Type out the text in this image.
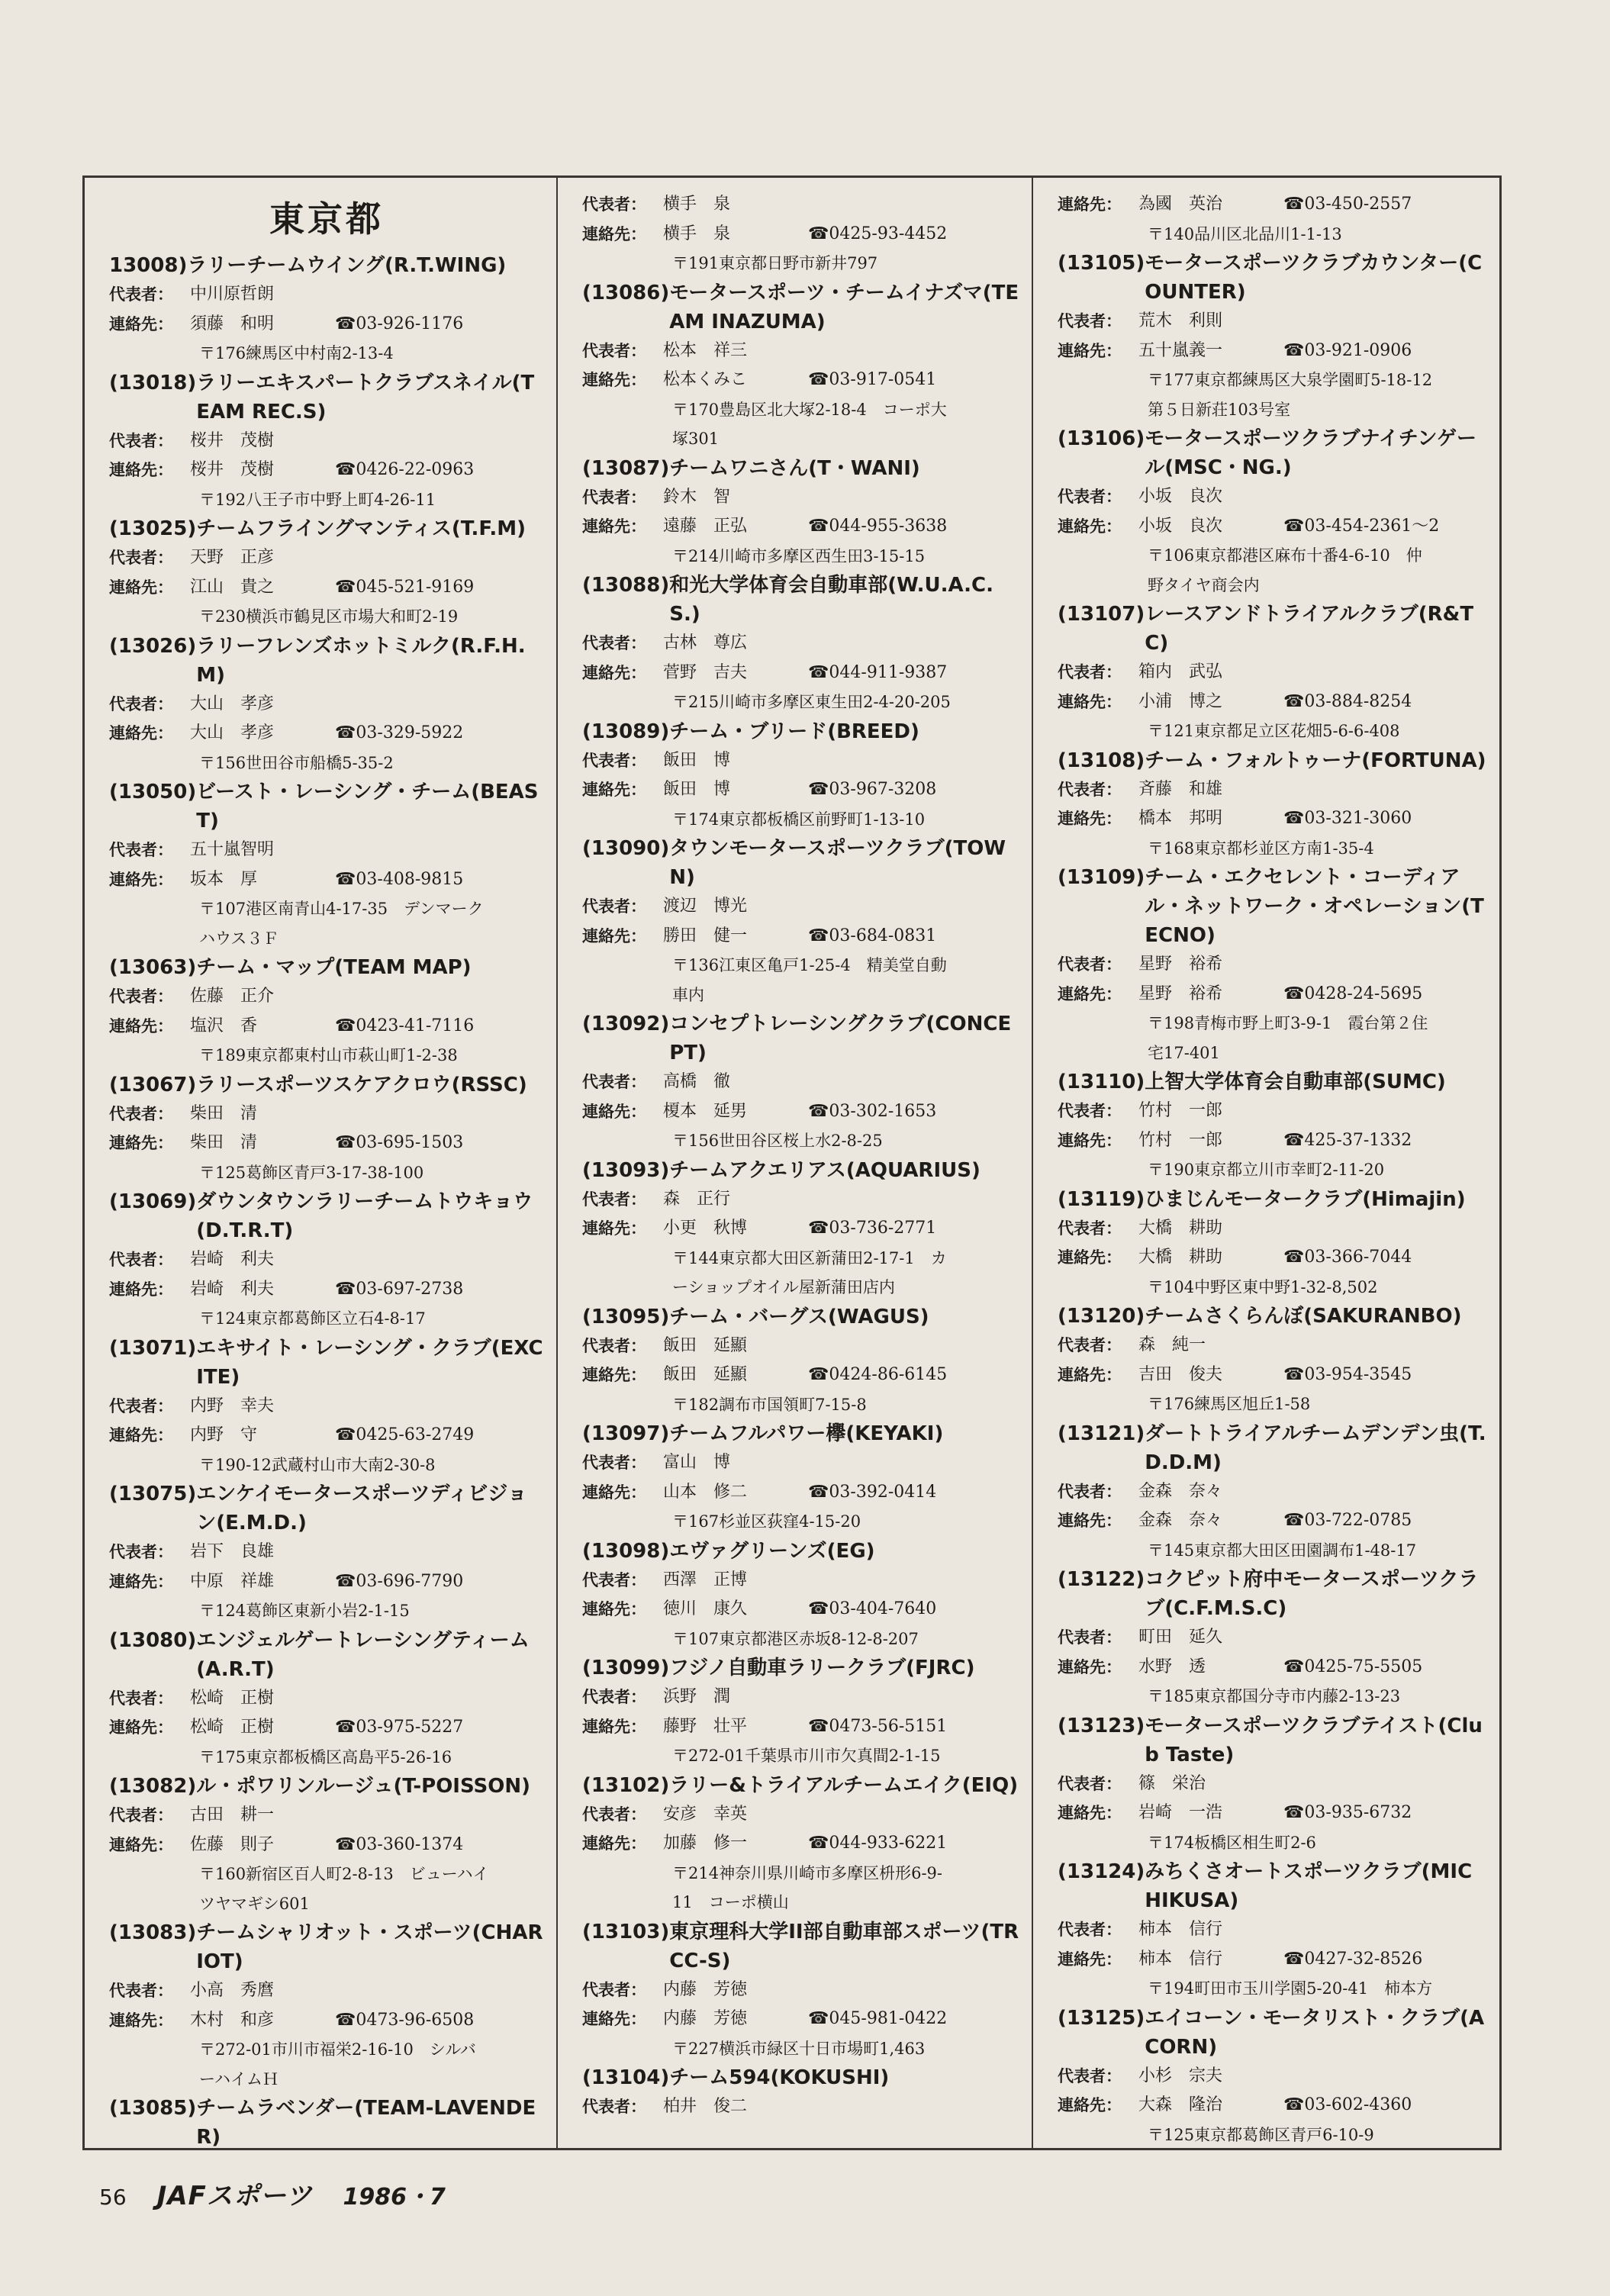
東京都
13008) ラリーチームウイング(R.T.WING)
代表者：	中川原哲朗
連絡先：	須藤　和明	☎03-926-1176
〒176練馬区中村南2-13-4
(13018) ラリーエキスパートクラブスネイル(TEAM REC.S)
代表者：	桜井　茂樹
連絡先：	桜井　茂樹	☎0426-22-0963
〒192八王子市中野上町4-26-11
(13025) チームフライングマンティス(T.F.M)
代表者：	天野　正彦
連絡先：	江山　貴之	☎045-521-9169
〒230横浜市鶴見区市場大和町2-19
(13026) ラリーフレンズホットミルク(R.F.H.M)
代表者：	大山　孝彦
連絡先：	大山　孝彦	☎03-329-5922
〒156世田谷市船橋5-35-2
(13050) ビースト・レーシング・チーム(BEAST)
代表者：	五十嵐智明
連絡先：	坂本　厚	☎03-408-9815
〒107港区南青山4-17-35　デンマーク
ハウス３Ｆ
(13063) チーム・マップ(TEAM MAP)
代表者：	佐藤　正介
連絡先：	塩沢　香	☎0423-41-7116
〒189東京都東村山市萩山町1-2-38
(13067) ラリースポーツスケアクロウ(RSSC)
代表者：	柴田　清
連絡先：	柴田　清	☎03-695-1503
〒125葛飾区青戸3-17-38-100
(13069) ダウンタウンラリーチームトウキョウ(D.T.R.T)
代表者：	岩崎　利夫
連絡先：	岩崎　利夫	☎03-697-2738
〒124東京都葛飾区立石4-8-17
(13071) エキサイト・レーシング・クラブ(EXCITE)
代表者：	内野　幸夫
連絡先：	内野　守	☎0425-63-2749
〒190-12武蔵村山市大南2-30-8
(13075) エンケイモータースポーツディビジョン(E.M.D.)
代表者：	岩下　良雄
連絡先：	中原　祥雄	☎03-696-7790
〒124葛飾区東新小岩2-1-15
(13080) エンジェルゲートレーシングティーム(A.R.T)
代表者：	松崎　正樹
連絡先：	松崎　正樹	☎03-975-5227
〒175東京都板橋区高島平5-26-16
(13082) ル・ポワリンルージュ(T-POISSON)
代表者：	古田　耕一
連絡先：	佐藤　則子	☎03-360-1374
〒160新宿区百人町2-8-13　ビューハイ
ツヤマギシ601
(13083) チームシャリオット・スポーツ(CHARIOT)
代表者：	小高　秀麿
連絡先：	木村　和彦	☎0473-96-6508
〒272-01市川市福栄2-16-10　シルバ
ーハイムＨ
(13085) チームラベンダー(TEAM-LAVENDER)
代表者：	横手　泉
連絡先：	横手　泉	☎0425-93-4452
〒191東京都日野市新井797
(13086) モータースポーツ・チームイナズマ(TEAM INAZUMA)
代表者：	松本　祥三
連絡先：	松本くみこ	☎03-917-0541
〒170豊島区北大塚2-18-4　コーポ大
塚301
(13087) チームワニさん(T・WANI)
代表者：	鈴木　智
連絡先：	遠藤　正弘	☎044-955-3638
〒214川崎市多摩区西生田3-15-15
(13088) 和光大学体育会自動車部(W.U.A.C.S.)
代表者：	古林　尊広
連絡先：	菅野　吉夫	☎044-911-9387
〒215川崎市多摩区東生田2-4-20-205
(13089) チーム・ブリード(BREED)
代表者：	飯田　博
連絡先：	飯田　博	☎03-967-3208
〒174東京都板橋区前野町1-13-10
(13090) タウンモータースポーツクラブ(TOWN)
代表者：	渡辺　博光
連絡先：	勝田　健一	☎03-684-0831
〒136江東区亀戸1-25-4　精美堂自動
車内
(13092) コンセプトレーシングクラブ(CONCEPT)
代表者：	高橋　徹
連絡先：	榎本　延男	☎03-302-1653
〒156世田谷区桜上水2-8-25
(13093) チームアクエリアス(AQUARIUS)
代表者：	森　正行
連絡先：	小更　秋博	☎03-736-2771
〒144東京都大田区新蒲田2-17-1　カ
ーショップオイル屋新蒲田店内
(13095) チーム・バーグス(WAGUS)
代表者：	飯田　延顯
連絡先：	飯田　延顯	☎0424-86-6145
〒182調布市国領町7-15-8
(13097) チームフルパワー欅(KEYAKI)
代表者：	富山　博
連絡先：	山本　修二	☎03-392-0414
〒167杉並区荻窪4-15-20
(13098) エヴァグリーンズ(EG)
代表者：	西澤　正博
連絡先：	徳川　康久	☎03-404-7640
〒107東京都港区赤坂8-12-8-207
(13099) フジノ自動車ラリークラブ(FJRC)
代表者：	浜野　潤
連絡先：	藤野　壮平	☎0473-56-5151
〒272-01千葉県市川市欠真間2-1-15
(13102) ラリー&トライアルチームエイク(EIQ)
代表者：	安彦　幸英
連絡先：	加藤　修一	☎044-933-6221
〒214神奈川県川崎市多摩区枡形6-9-
11　コーポ横山
(13103) 東京理科大学II部自動車部スポーツ(TRCC-S)
代表者：	内藤　芳徳
連絡先：	内藤　芳徳	☎045-981-0422
〒227横浜市緑区十日市場町1,463
(13104) チーム594(KOKUSHI)
代表者：	柏井　俊二
連絡先：	為國　英治	☎03-450-2557
〒140品川区北品川1-1-13
(13105) モータースポーツクラブカウンター(COUNTER)
代表者：	荒木　利則
連絡先：	五十嵐義一	☎03-921-0906
〒177東京都練馬区大泉学園町5-18-12
第５日新荘103号室
(13106) モータースポーツクラブナイチンゲール(MSC・NG.)
代表者：	小坂　良次
連絡先：	小坂　良次	☎03-454-2361～2
〒106東京都港区麻布十番4-6-10　仲
野タイヤ商会内
(13107) レースアンドトライアルクラブ(R&TC)
代表者：	箱内　武弘
連絡先：	小浦　博之	☎03-884-8254
〒121東京都足立区花畑5-6-6-408
(13108) チーム・フォルトゥーナ(FORTUNA)
代表者：	斉藤　和雄
連絡先：	橋本　邦明	☎03-321-3060
〒168東京都杉並区方南1-35-4
(13109) チーム・エクセレント・コーディアル・ネットワーク・オペレーション(TECNO)
代表者：	星野　裕希
連絡先：	星野　裕希	☎0428-24-5695
〒198青梅市野上町3-9-1　霞台第２住
宅17-401
(13110) 上智大学体育会自動車部(SUMC)
代表者：	竹村　一郎
連絡先：	竹村　一郎	☎425-37-1332
〒190東京都立川市幸町2-11-20
(13119) ひまじんモータークラブ(Himajin)
代表者：	大橋　耕助
連絡先：	大橋　耕助	☎03-366-7044
〒104中野区東中野1-32-8,502
(13120) チームさくらんぼ(SAKURANBO)
代表者：	森　純一
連絡先：	吉田　俊夫	☎03-954-3545
〒176練馬区旭丘1-58
(13121) ダートトライアルチームデンデン虫(T.D.D.M)
代表者：	金森　奈々
連絡先：	金森　奈々	☎03-722-0785
〒145東京都大田区田園調布1-48-17
(13122) コクピット府中モータースポーツクラブ(C.F.M.S.C)
代表者：	町田　延久
連絡先：	水野　透	☎0425-75-5505
〒185東京都国分寺市内藤2-13-23
(13123) モータースポーツクラブテイスト(Club Taste)
代表者：	篠　栄治
連絡先：	岩崎　一浩	☎03-935-6732
〒174板橋区相生町2-6
(13124) みちくさオートスポーツクラブ(MICHIKUSA)
代表者：	柿本　信行
連絡先：	柿本　信行	☎0427-32-8526
〒194町田市玉川学園5-20-41　柿本方
(13125) エイコーン・モータリスト・クラブ(ACORN)
代表者：	小杉　宗夫
連絡先：	大森　隆治	☎03-602-4360
〒125東京都葛飾区青戸6-10-9
56 JAFスポーツ 1986・7
